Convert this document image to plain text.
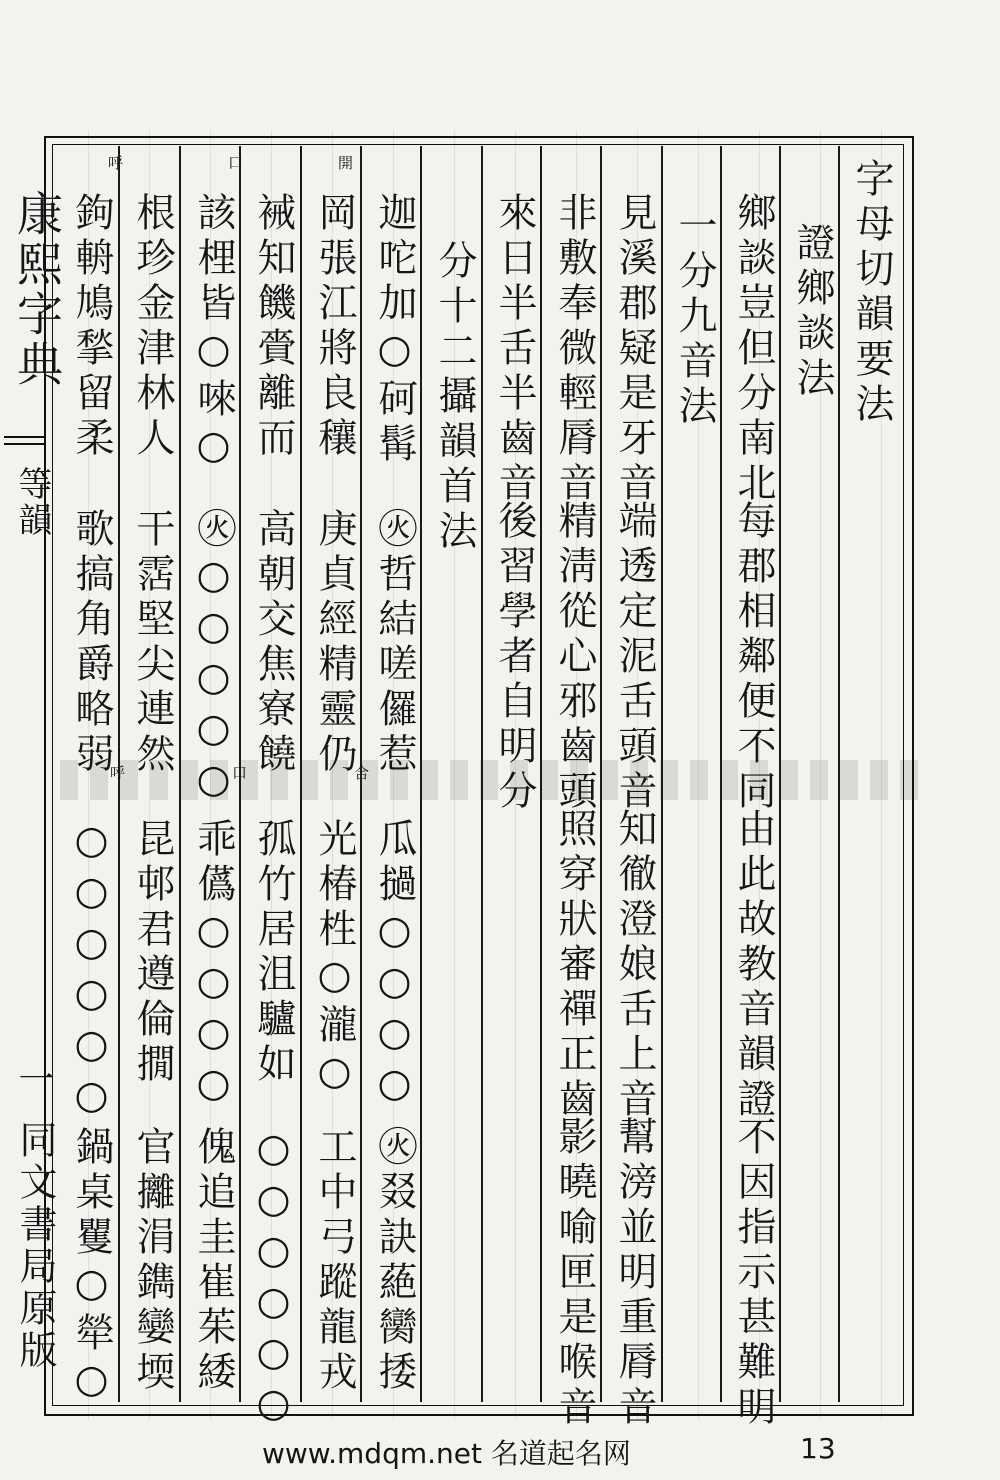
康熙字典
等韻
一
同文書局原版
字母切韻要法
證鄉談法
鄉談豈但分南北
每郡相鄰便不同
由此故教音韻證
不因指示甚難明
一分九音法
見溪郡疑是牙音
端透定泥舌頭音
知徹澄娘舌上音
幫滂並明重脣音
非敷奉微輕脣音
精淸從心邪齒頭
照穿狀審禪正齒
影曉喻匣是喉音
來日半舌半齒音
後習學者自明分
分十二攝韻首法
迦咜加○砢髯
㊋哲結嗟儸惹
瓜撾○○○○
㊋叕訣蕝臠捼
岡張江將良穰
庚貞經精靈仍
光椿栍○瀧○
工中弓蹤龍戎
裓知饑賫離而
高朝交焦寮饒
孤竹居沮驢如
○○○○○○
該梩皆○唻○
㊋○○○○○
乖儰○○○○
傀追圭崔茱緌
根珍金津林人
干霑堅尖連然
昆邨君遵倫撊
官攡涓鐫孌堧
鉤輈鳩揫留柔
歌搞角爵略弱
○○○○○○
鍋桌矍○犖○
開
合
口
呼
口
呼
www.mdqm.net 名道起名网	13
